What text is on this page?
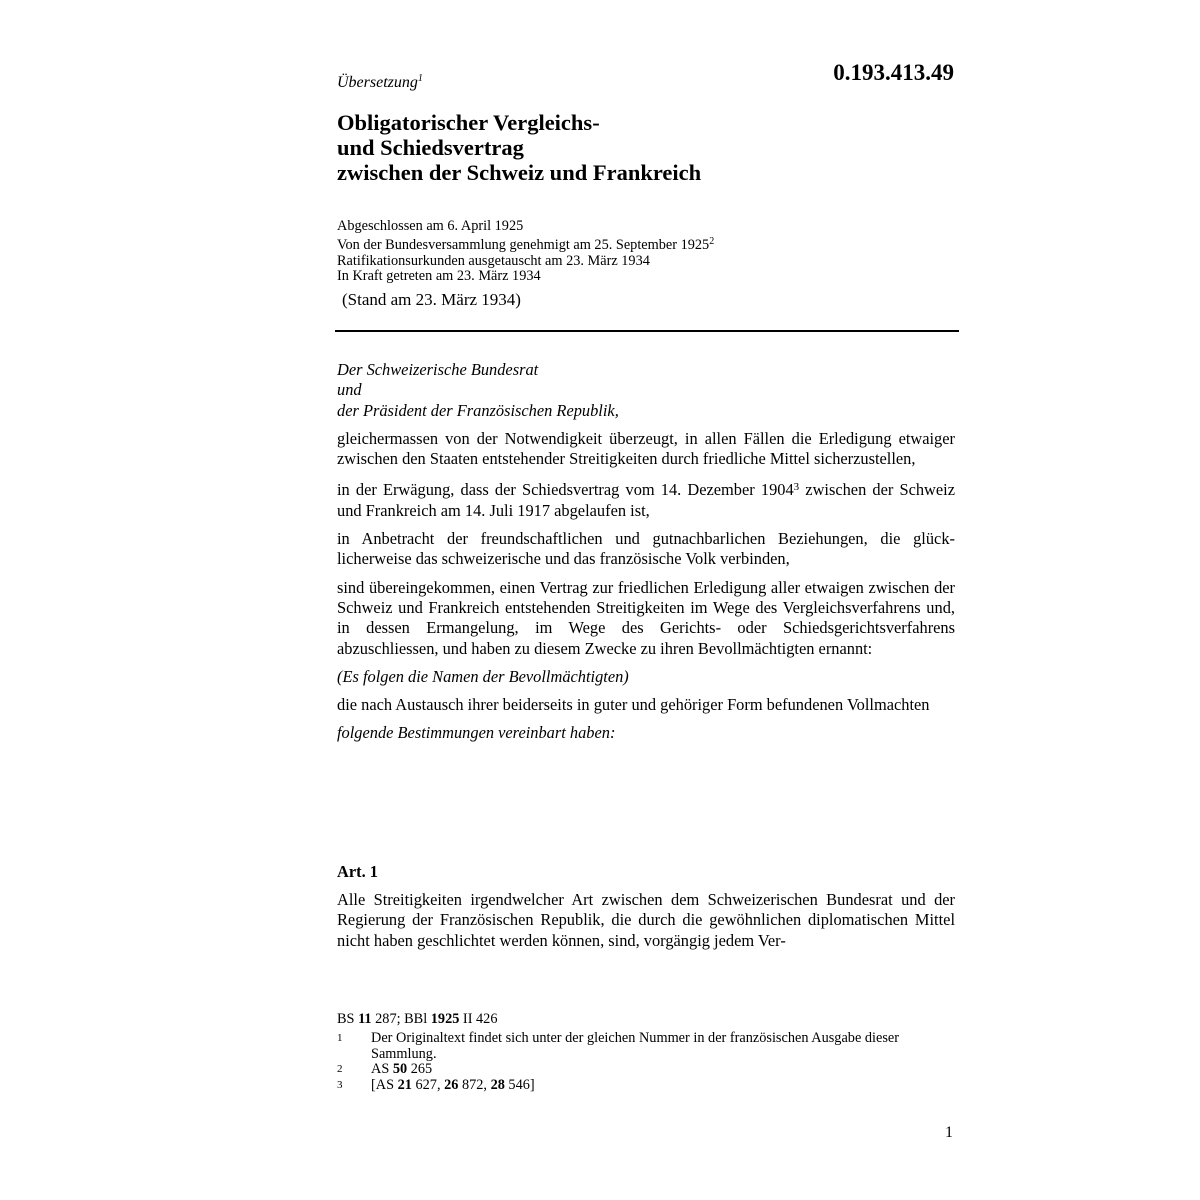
Übersetzung$^1$	0.193.413.49
Obligatorischer Vergleichs-
und Schiedsvertrag
zwischen der Schweiz und Frankreich
Abgeschlossen am 6. April 1925
Von der Bundesversammlung genehmigt am 25. September 1925$^2$
Ratifikationsurkunden ausgetauscht am 23. März 1934
In Kraft getreten am 23. März 1934
(Stand am 23. März 1934)
Der Schweizerische Bundesrat
und
der Präsident der Französischen Republik,

gleichermassen von der Notwendigkeit überzeugt, in allen Fällen die Erledigung etwaiger zwischen den Staaten entstehender Streitigkeiten durch friedliche Mittel sicherzustellen,

in der Erwägung, dass der Schiedsvertrag vom 14. Dezember 1904$^3$ zwischen der Schweiz und Frankreich am 14. Juli 1917 abgelaufen ist,

in Anbetracht der freundschaftlichen und gutnachbarlichen Beziehungen, die glücklicherweise das schweizerische und das französische Volk verbinden,

sind übereingekommen, einen Vertrag zur friedlichen Erledigung aller etwaigen zwischen der Schweiz und Frankreich entstehenden Streitigkeiten im Wege des Vergleichsverfahrens und, in dessen Ermangelung, im Wege des Gerichts- oder Schiedsgerichtsverfahrens abzuschliessen, und haben zu diesem Zwecke zu ihren Bevollmächtigten ernannt:

(Es folgen die Namen der Bevollmächtigten)

die nach Austausch ihrer beiderseits in guter und gehöriger Form befundenen Vollmachten

folgende Bestimmungen vereinbart haben:

Art. 1
Alle Streitigkeiten irgendwelcher Art zwischen dem Schweizerischen Bundesrat und der Regierung der Französischen Republik, die durch die gewöhnlichen diplomatischen Mittel nicht haben geschlichtet werden können, sind, vorgängig jedem Ver-
BS 11 287; BBl 1925 II 426
1	Der Originaltext findet sich unter der gleichen Nummer in der französischen Ausgabe dieser Sammlung.
2	AS 50 265
3	[AS 21 627, 26 872, 28 546]
1
